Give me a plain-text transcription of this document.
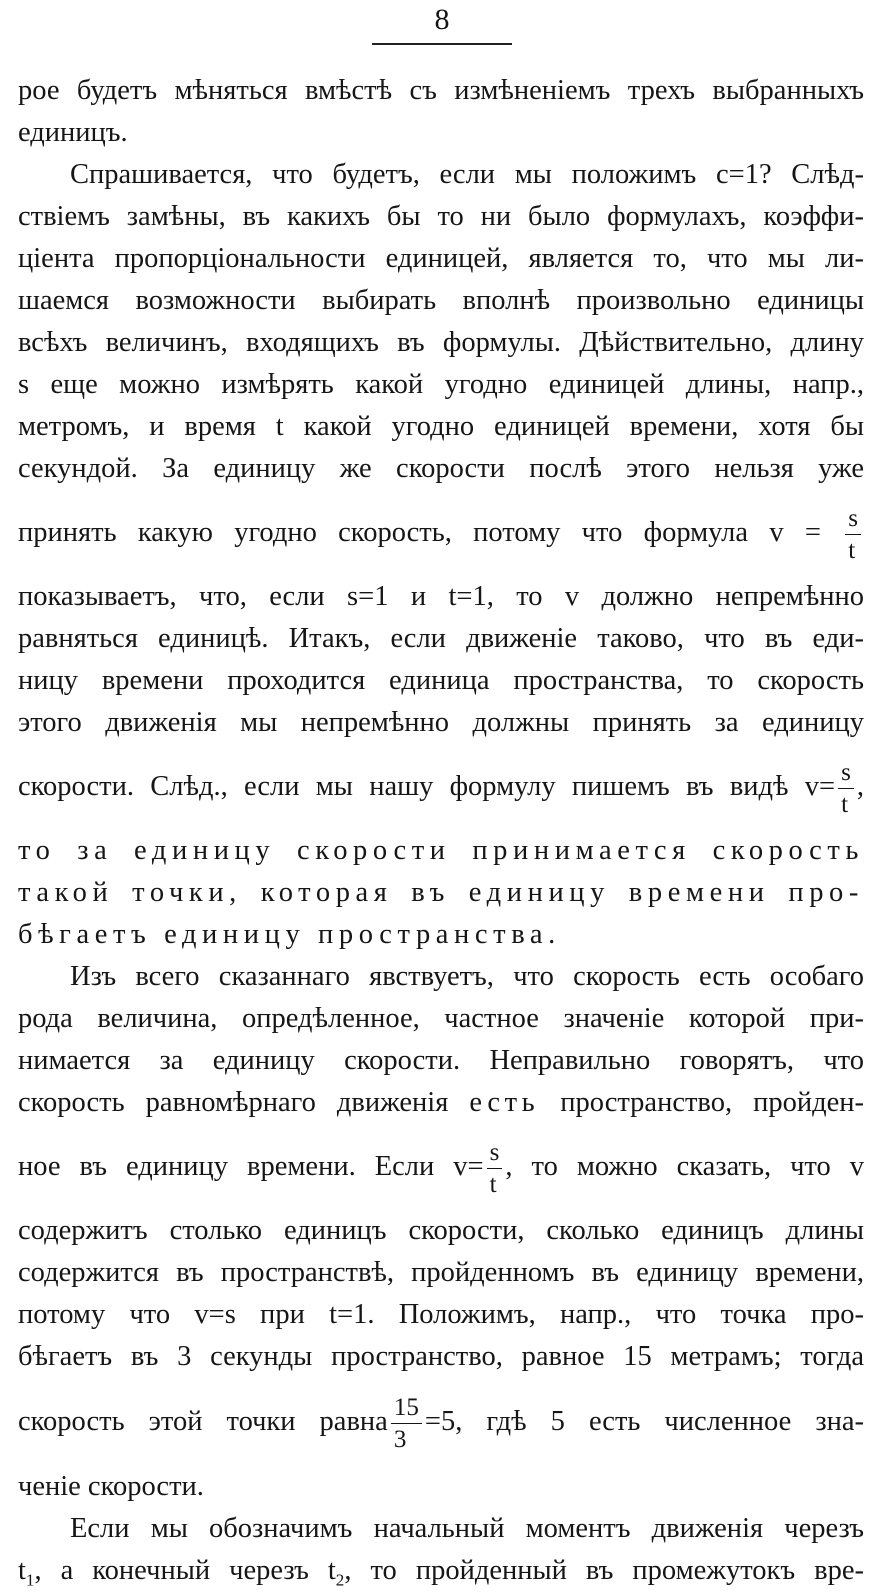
8
рое будетъ мѣняться вмѣстѣ съ измѣненіемъ трехъ выбранныхъ
единицъ.
Спрашивается, что будетъ, если мы положимъ c=1? Слѣд-
ствіемъ замѣны, въ какихъ бы то ни было формулахъ, коэффи-
ціента пропорціональности единицей, является то, что мы ли-
шаемся возможности выбирать вполнѣ произвольно единицы
всѣхъ величинъ, входящихъ въ формулы. Дѣйствительно, длину
s еще можно измѣрять какой угодно единицей длины, напр.,
метромъ, и время t какой угодно единицей времени, хотя бы
секундой. За единицу же скорости послѣ этого нельзя уже
принять какую угодно скорость, потому что формула $v = \frac{s}{t}$
показываетъ, что, если s=1 и t=1, то v должно непремѣнно
равняться единицѣ. Итакъ, если движеніе таково, что въ еди-
ницу времени проходится единица пространства, то скорость
этого движенія мы непремѣнно должны принять за единицу
скорости. Слѣд., если мы нашу формулу пишемъ въ видѣ $v= \frac{s}{t}$ ,
то за единицу скорости принимается скорость
такой точки, которая въ единицу времени про-
бѣгаетъ единицу пространства.
Изъ всего сказаннаго явствуетъ, что скорость есть особаго
рода величина, опредѣленное, частное значеніе которой при-
нимается за единицу скорости. Неправильно говорятъ, что
скорость равномѣрнаго движенія есть пространство, пройден-
ное въ единицу времени. Если $v= \frac{s}{t}$ , то можно сказать, что v
содержитъ столько единицъ скорости, сколько единицъ длины
содержится въ пространствѣ, пройденномъ въ единицу времени,
потому что v=s при t=1. Положимъ, напр., что точка про-
бѣгаетъ въ 3 секунды пространство, равное 15 метрамъ; тогда
скорость этой точки равна $\frac{15}{3} =5$, гдѣ 5 есть численное зна-
ченіе скорости.
Если мы обозначимъ начальный моментъ движенія черезъ
$t_1$, а конечный черезъ $t_2$, то пройденный въ промежутокъ вре-
